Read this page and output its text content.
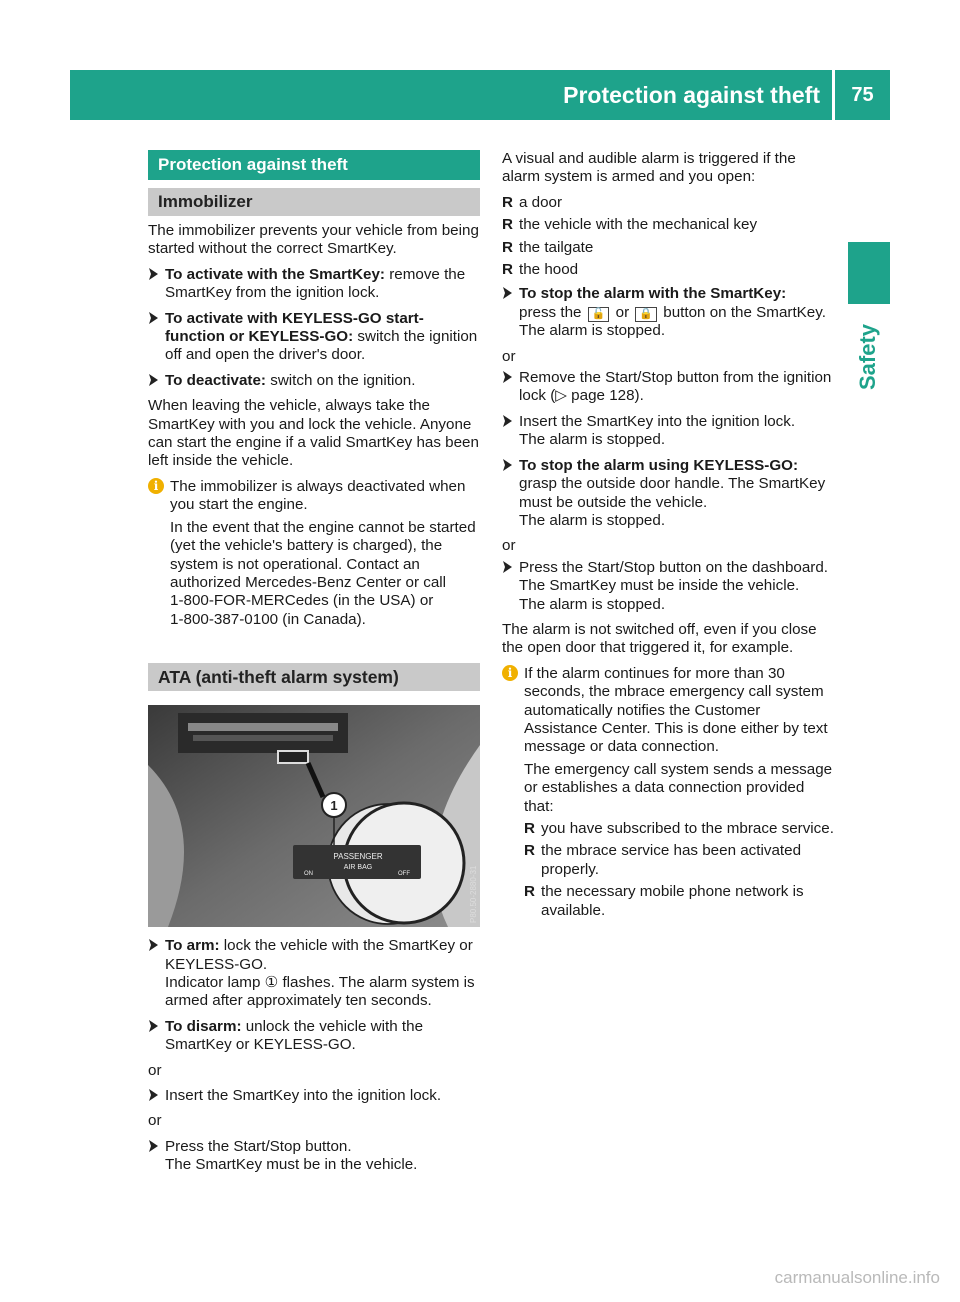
Protection against theft	75
Safety
Protection against theft
Immobilizer

The immobilizer prevents your vehicle from being started without the correct SmartKey.

To activate with the SmartKey: remove the SmartKey from the ignition lock.
To activate with KEYLESS-GO start-function or KEYLESS-GO: switch the ignition off and open the driver's door.
To deactivate: switch on the ignition.

When leaving the vehicle, always take the SmartKey with you and lock the vehicle. Anyone can start the engine if a valid SmartKey has been left inside the vehicle.

i The immobilizer is always deactivated when you start the engine.

In the event that the engine cannot be started (yet the vehicle's battery is charged), the system is not operational. Contact an authorized Mercedes-Benz Center or call

1-800-FOR-MERCedes (in the USA) or
1-800-387-0100 (in Canada).
ATA (anti-theft alarm system)
1
PASSENGER
AIR BAG
ON	OFF	P80.50-2880-31
To arm: lock the vehicle with the SmartKey or KEYLESS-GO.
Indicator lamp ① flashes. The alarm system is armed after approximately ten seconds.
To disarm: unlock the vehicle with the SmartKey or KEYLESS-GO.

or

Insert the SmartKey into the ignition lock.

or

Press the Start/Stop button.
The SmartKey must be in the vehicle.

A visual and audible alarm is triggered if the alarm system is armed and you open:

R a door
R the vehicle with the mechanical key
R the tailgate
R the hood
To stop the alarm with the SmartKey:
press the 🔓 or 🔒 button on the SmartKey.
The alarm is stopped.

or

Remove the Start/Stop button from the ignition lock (▷ page 128).
Insert the SmartKey into the ignition lock.
The alarm is stopped.
To stop the alarm using KEYLESS-GO:
grasp the outside door handle. The SmartKey must be outside the vehicle.
The alarm is stopped.

or

Press the Start/Stop button on the dashboard. The SmartKey must be inside the vehicle.
The alarm is stopped.

The alarm is not switched off, even if you close the open door that triggered it, for example.

i If the alarm continues for more than 30 seconds, the mbrace emergency call system automatically notifies the Customer Assistance Center. This is done either by text message or data connection.

The emergency call system sends a message or establishes a data connection provided that:

R you have subscribed to the mbrace service.
R the mbrace service has been activated properly.
R the necessary mobile phone network is available.
carmanualsonline.info
